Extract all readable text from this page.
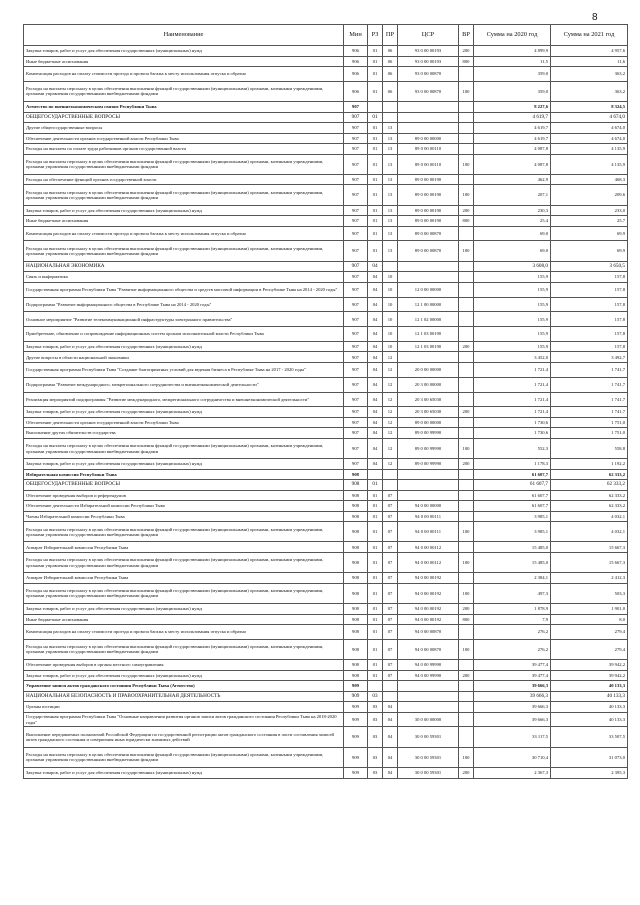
8
Наименование	Мин	РЗ	ПР	ЦСР	ВР	Сумма на 2020 год	Сумма на 2021 год
Закупка товаров, работ и услуг для обеспечения государственных (муниципальных) нужд	906	01	06	93 0 00 00193	200	4 899,9	4 957,6
Иные бюджетные ассигнования	906	01	06	93 0 00 00193	800	11,5	11,6
Компенсация расходов на оплату стоимости проезда и провоза багажа к месту использования отпуска и обратно	906	01	06	93 0 00 00870		359,0	363,2
Расходы на выплаты персоналу в целях обеспечения выполнения функций государственными (муниципальными) органами, казенными учреждениями, органами управления государственными внебюджетными фондами	906	01	06	93 0 00 00870	100	359,0	363,2
Агентство по внешнеэкономическим связям Республики Тыва	907					8 227,6	8 324,5
ОБЩЕГОСУДАРСТВЕННЫЕ ВОПРОСЫ	907	01				4 619,7	4 674,0
Другие общегосударственные вопросы	907	01	13			4 619,7	4 674,0
Обеспечение деятельности органов государственной власти Республики Тыва	907	01	13	89 0 00 00000		4 619,7	4 674,0
Расходы на выплаты по оплате труда работников органов государственной власти	907	01	13	89 0 00 00110		4 087,8	4 135,9
Расходы на выплаты персоналу в целях обеспечения выполнения функций государственными (муниципальными) органами, казенными учреждениями, органами управления государственными внебюджетными фондами	907	01	13	89 0 00 00110	100	4 087,8	4 135,9
Расходы на обеспечение функций органов государственной власти	907	01	13	89 0 00 00190		462,9	468,3
Расходы на выплаты персоналу в целях обеспечения выполнения функций государственными (муниципальными) органами, казенными учреждениями, органами управления государственными внебюджетными фондами	907	01	13	89 0 00 00190	100	207,1	209,6
Закупка товаров, работ и услуг для обеспечения государственных (муниципальных) нужд	907	01	13	89 0 00 00190	200	230,3	233,0
Иные бюджетные ассигнования	907	01	13	89 0 00 00190	800	25,4	25,7
Компенсация расходов на оплату стоимости проезда и провоза багажа к месту использования отпуска и обратно	907	01	13	89 0 00 00870		69,0	69,9
Расходы на выплаты персоналу в целях обеспечения выполнения функций государственными (муниципальными) органами, казенными учреждениями, органами управления государственными внебюджетными фондами	907	01	13	89 0 00 00870	100	69,0	69,9
НАЦИОНАЛЬНАЯ ЭКОНОМИКА	907	04				3 608,0	3 650,5
Связь и информатика	907	04	10			155,9	157,8
Государственная программа Республики Тыва "Развитие информационного общества и средств массовой информации в Республике Тыва на 2014 - 2020 годы"	907	04	10	12 0 00 00000		155,9	157,8
Подпрограмма "Развитие информационного общества в Республике Тыва на 2014 - 2020 годы"	907	04	10	12 1 00 00000		155,9	157,8
Основное мероприятие "Развитие телекоммуникационной инфраструктуры электронного правительства"	907	04	10	12 1 02 00000		155,9	157,8
Приобретение, обновление и сопровождение информационных систем органов исполнительной власти Республики Тыва	907	04	10	12 1 03 00190		155,9	157,8
Закупка товаров, работ и услуг для обеспечения государственных (муниципальных) нужд	907	04	10	12 1 03 00190	200	155,9	157,8
Другие вопросы в области национальной экономики	907	04	12			3 452,0	3 492,7
Государственная программа Республики Тыва "Создание благоприятных условий для ведения бизнеса в Республике Тыва на 2017 - 2020 годы"	907	04	12	20 0 00 00000		1 721,4	1 741,7
Подпрограмма "Развитие международного, межрегионального сотрудничества и внешнеэкономической деятельности"	907	04	12	20 3 00 00000		1 721,4	1 741,7
Реализация мероприятий подпрограммы "Развитие международного, межрегионального сотрудничества и внешнеэкономической деятельности"	907	04	12	20 3 00 65030		1 721,4	1 741,7
Закупка товаров, работ и услуг для обеспечения государственных (муниципальных) нужд	907	04	12	20 3 00 65030	200	1 721,4	1 741,7
Обеспечение деятельности органов государственной власти Республики Тыва	907	04	12	89 0 00 00000		1 730,6	1 751,0
Выполнение других обязательств государства	907	04	12	89 0 00 99990		1 730,6	1 751,0
Расходы на выплаты персоналу в целях обеспечения выполнения функций государственными (муниципальными) органами, казенными учреждениями, органами управления государственными внебюджетными фондами	907	04	12	89 0 00 99990	100	552,3	558,8
Закупка товаров, работ и услуг для обеспечения государственных (муниципальных) нужд	907	04	12	89 0 00 99990	200	1 178,3	1 192,2
Избирательная комиссия Республики Тыва	908					61 607,7	62 333,2
ОБЩЕГОСУДАРСТВЕННЫЕ ВОПРОСЫ	908	01				61 607,7	62 333,2
Обеспечение проведения выборов и референдумов	908	01	07			61 607,7	62 333,2
Обеспечение деятельности Избирательной комиссии Республики Тыва	908	01	07	94 0 00 00000		61 607,7	62 333,2
Члены Избирательной комиссии Республики Тыва	908	01	07	94 0 00 00111		3 985,1	4 032,1
Расходы на выплаты персоналу в целях обеспечения выполнения функций государственными (муниципальными) органами, казенными учреждениями, органами управления государственными внебюджетными фондами	908	01	07	94 0 00 00111	100	3 985,1	4 032,1
Аппарат Избирательной комиссии Республики Тыва	908	01	07	94 0 00 00112		15 485,0	15 667,3
Расходы на выплаты персоналу в целях обеспечения выполнения функций государственными (муниципальными) органами, казенными учреждениями, органами управления государственными внебюджетными фондами	908	01	07	94 0 00 00112	100	15 485,0	15 667,3
Аппарат Избирательной комиссии Республики Тыва	908	01	07	94 0 00 00192		2 384,1	2 412,3
Расходы на выплаты персоналу в целях обеспечения выполнения функций государственными (муниципальными) органами, казенными учреждениями, органами управления государственными внебюджетными фондами	908	01	07	94 0 00 00192	100	497,3	503,3
Закупка товаров, работ и услуг для обеспечения государственных (муниципальных) нужд	908	01	07	94 0 00 00192	200	1 878,9	1 901,0
Иные бюджетные ассигнования	908	01	07	94 0 00 00192	800	7,9	8,0
Компенсация расходов на оплату стоимости проезда и провоза багажа к месту использования отпуска и обратно	908	01	07	94 0 00 00870		276,2	279,4
Расходы на выплаты персоналу в целях обеспечения выполнения функций государственными (муниципальными) органами, казенными учреждениями, органами управления государственными внебюджетными фондами	908	01	07	94 0 00 00870	100	276,2	279,4
Обеспечение проведения выборов в органы местного самоуправления	908	01	07	94 0 00 99990		39 477,4	39 942,2
Закупка товаров, работ и услуг для обеспечения государственных (муниципальных) нужд	908	01	07	94 0 00 99990	200	39 477,4	39 942,2
Управление записи актов гражданского состояния Республики Тыва (Агентство)	909					39 666,3	40 133,3
НАЦИОНАЛЬНАЯ БЕЗОПАСНОСТЬ И ПРАВООХРАНИТЕЛЬНАЯ ДЕЯТЕЛЬНОСТЬ	909	03				39 666,3	40 133,3
Органы юстиции	909	03	04			39 666,3	40 133,3
Государственная программа Республики Тыва "Основные направления развития органов записи актов гражданского состояния Республики Тыва на 2018-2020 годы"	909	03	04	30 0 00 00000		39 666,3	40 133,3
Выполнение передаваемых полномочий Российской Федерации по государственной регистрации актов гражданского состояния в части составления записей актов гражданского состояния и совершения иных юридически значимых действий	909	03	04	30 0 00 59301		33 117,5	33 507,5
Расходы на выплаты персоналу в целях обеспечения выполнения функций государственными (муниципальными) органами, казенными учреждениями, органами управления государственными внебюджетными фондами	909	03	04	30 0 00 59301	100	30 710,4	31 073,0
Закупка товаров, работ и услуг для обеспечения государственных (муниципальных) нужд	909	03	04	30 0 00 59301	200	2 367,3	2 395,3
